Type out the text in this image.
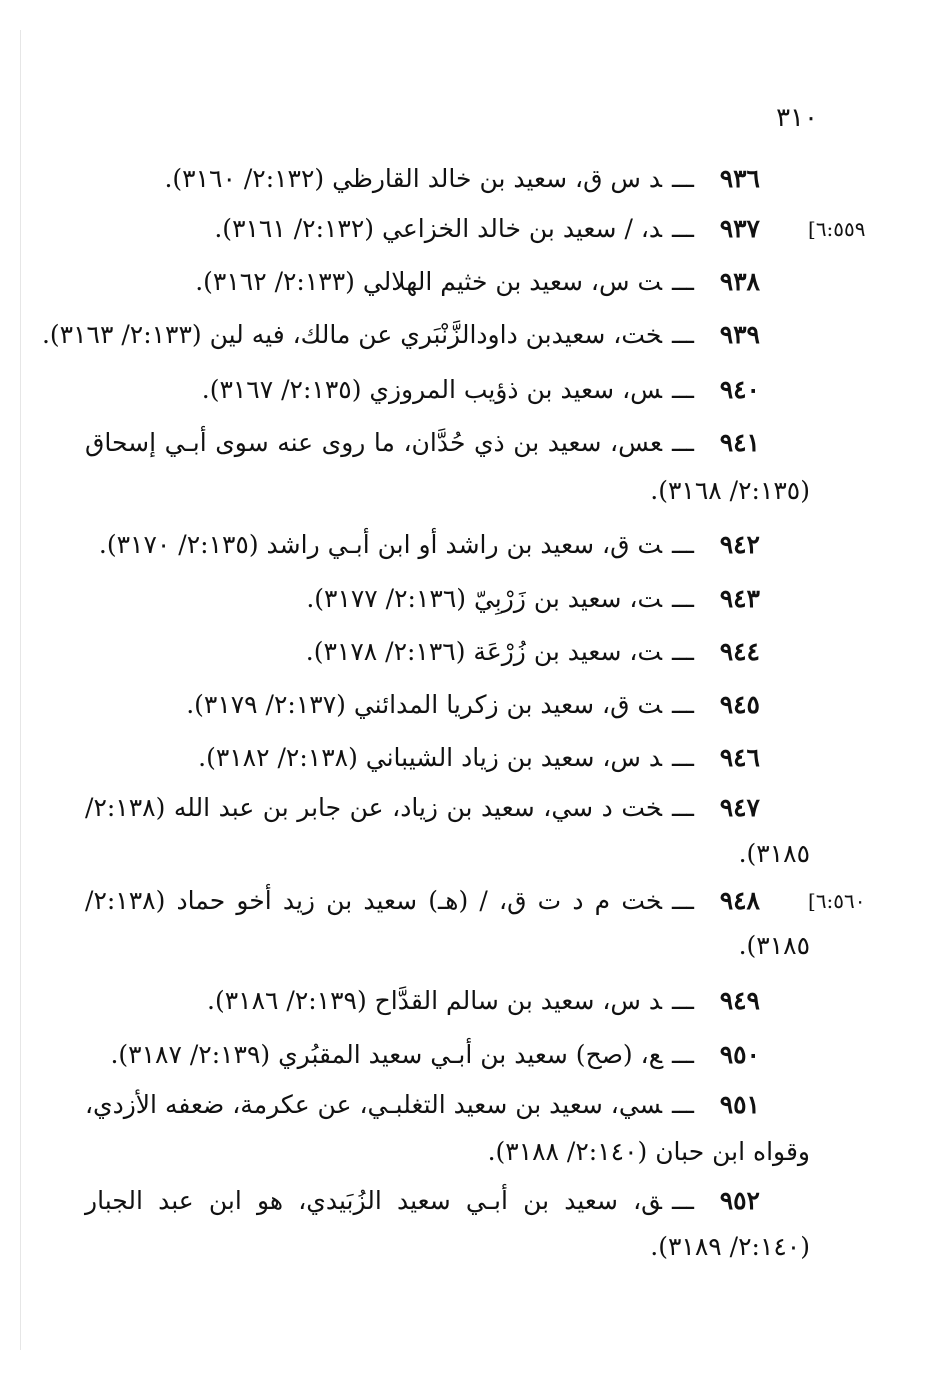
٣١٠
[٦:٥٥٩
[٦:٥٦٠
٩٣٦ـــد س ق، سعيد بن خالد القارظي (٢:١٣٢/ ٣١٦٠).
٩٣٧ـــد، / سعيد بن خالد الخزاعي (٢:١٣٢/ ٣١٦١).
٩٣٨ـــت س، سعيد بن خثيم الهلالي (٢:١٣٣/ ٣١٦٢).
٩٣٩ـــخت، سعيدبن داودالزَّنْبَري عن مالك، فيه لين (٢:١٣٣/ ٣١٦٣).
٩٤٠ـــس، سعيد بن ذؤيب المروزي (٢:١٣٥/ ٣١٦٧).
٩٤١ـــعس، سعيد بن ذي حُدَّان، ما روى عنه سوى أبـي إسحاق
(٢:١٣٥/ ٣١٦٨).
٩٤٢ـــت ق، سعيد بن راشد أو ابن أبـي راشد (٢:١٣٥/ ٣١٧٠).
٩٤٣ـــت، سعيد بن زَرْبِيّ (٢:١٣٦/ ٣١٧٧).
٩٤٤ـــت، سعيد بن زُرْعَة (٢:١٣٦/ ٣١٧٨).
٩٤٥ـــت ق، سعيد بن زكريا المدائني (٢:١٣٧/ ٣١٧٩).
٩٤٦ـــد س، سعيد بن زياد الشيباني (٢:١٣٨/ ٣١٨٢).
٩٤٧ـــخت د سي، سعيد بن زياد، عن جابر بن عبد الله (٢:١٣٨/
٣١٨٥).
٩٤٨ـــخت م د ت ق، / (هـ) سعيد بن زيد أخو حماد (٢:١٣٨/
٣١٨٥).
٩٤٩ـــد س، سعيد بن سالم القدَّاح (٢:١٣٩/ ٣١٨٦).
٩٥٠ـــع، (صح) سعيد بن أبـي سعيد المقبُري (٢:١٣٩/ ٣١٨٧).
٩٥١ـــسي، سعيد بن سعيد التغلبـي، عن عكرمة، ضعفه الأزدي،
وقواه ابن حبان (٢:١٤٠/ ٣١٨٨).
٩٥٢ـــق، سعيد بن أبـي سعيد الزُبَيدي، هو ابن عبد الجبار
(٢:١٤٠/ ٣١٨٩).
